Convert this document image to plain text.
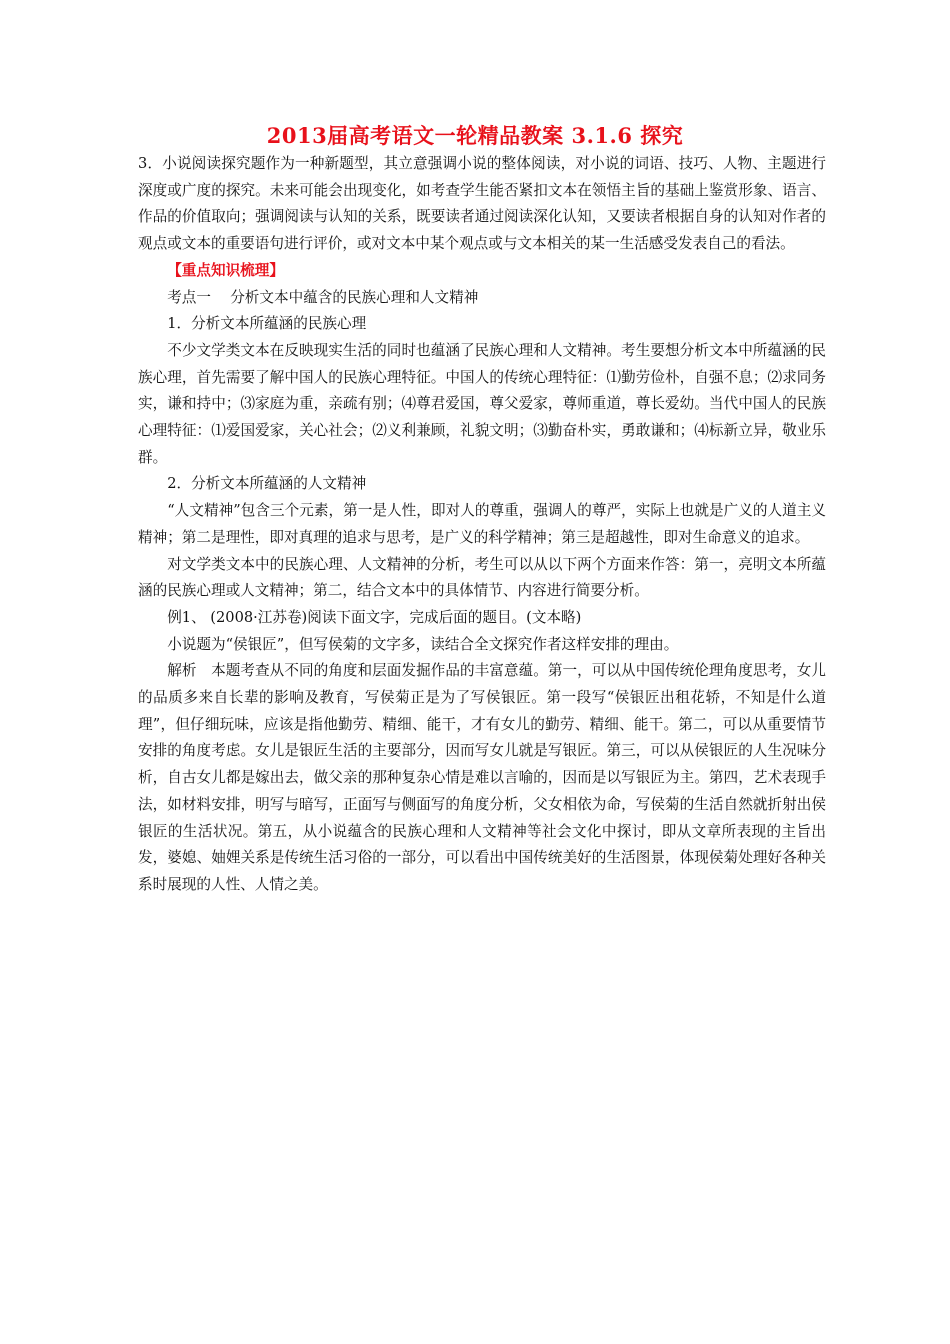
2013届高考语文一轮精品教案 3.1.6 探究

3．小说阅读探究题作为一种新题型，其立意强调小说的整体阅读，对小说的词语、技巧、人物、主题进行深度或广度的探究。未来可能会出现变化，如考查学生能否紧扣文本在领悟主旨的基础上鉴赏形象、语言、作品的价值取向；强调阅读与认知的关系，既要读者通过阅读深化认知，又要读者根据自身的认知对作者的观点或文本的重要语句进行评价，或对文本中某个观点或与文本相关的某一生活感受发表自己的看法。

【重点知识梳理】

考点一　 分析文本中蕴含的民族心理和人文精神

1．分析文本所蕴涵的民族心理

不少文学类文本在反映现实生活的同时也蕴涵了民族心理和人文精神。考生要想分析文本中所蕴涵的民族心理，首先需要了解中国人的民族心理特征。中国人的传统心理特征：⑴勤劳俭朴，自强不息；⑵求同务实，谦和持中；⑶家庭为重，亲疏有别；⑷尊君爱国，尊父爱家，尊师重道，尊长爱幼。当代中国人的民族心理特征：⑴爱国爱家，关心社会；⑵义利兼顾，礼貌文明；⑶勤奋朴实，勇敢谦和；⑷标新立异，敬业乐群。

2．分析文本所蕴涵的人文精神

“人文精神”包含三个元素，第一是人性，即对人的尊重，强调人的尊严，实际上也就是广义的人道主义精神；第二是理性，即对真理的追求与思考，是广义的科学精神；第三是超越性，即对生命意义的追求。

对文学类文本中的民族心理、人文精神的分析，考生可以从以下两个方面来作答：第一，亮明文本所蕴涵的民族心理或人文精神；第二，结合文本中的具体情节、内容进行简要分析。

例1、 (2008·江苏卷)阅读下面文字，完成后面的题目。(文本略)

小说题为“侯银匠”，但写侯菊的文字多，读结合全文探究作者这样安排的理由。

解析　本题考查从不同的角度和层面发掘作品的丰富意蕴。第一，可以从中国传统伦理角度思考，女儿的品质多来自长辈的影响及教育，写侯菊正是为了写侯银匠。第一段写“侯银匠出租花轿，不知是什么道理”，但仔细玩味，应该是指他勤劳、精细、能干，才有女儿的勤劳、精细、能干。第二，可以从重要情节安排的角度考虑。女儿是银匠生活的主要部分，因而写女儿就是写银匠。第三，可以从侯银匠的人生况味分析，自古女儿都是嫁出去，做父亲的那种复杂心情是难以言喻的，因而是以写银匠为主。第四，艺术表现手法，如材料安排，明写与暗写，正面写与侧面写的角度分析，父女相依为命，写侯菊的生活自然就折射出侯银匠的生活状况。第五，从小说蕴含的民族心理和人文精神等社会文化中探讨，即从文章所表现的主旨出发，婆媳、妯娌关系是传统生活习俗的一部分，可以看出中国传统美好的生活图景，体现侯菊处理好各种关系时展现的人性、人情之美。
